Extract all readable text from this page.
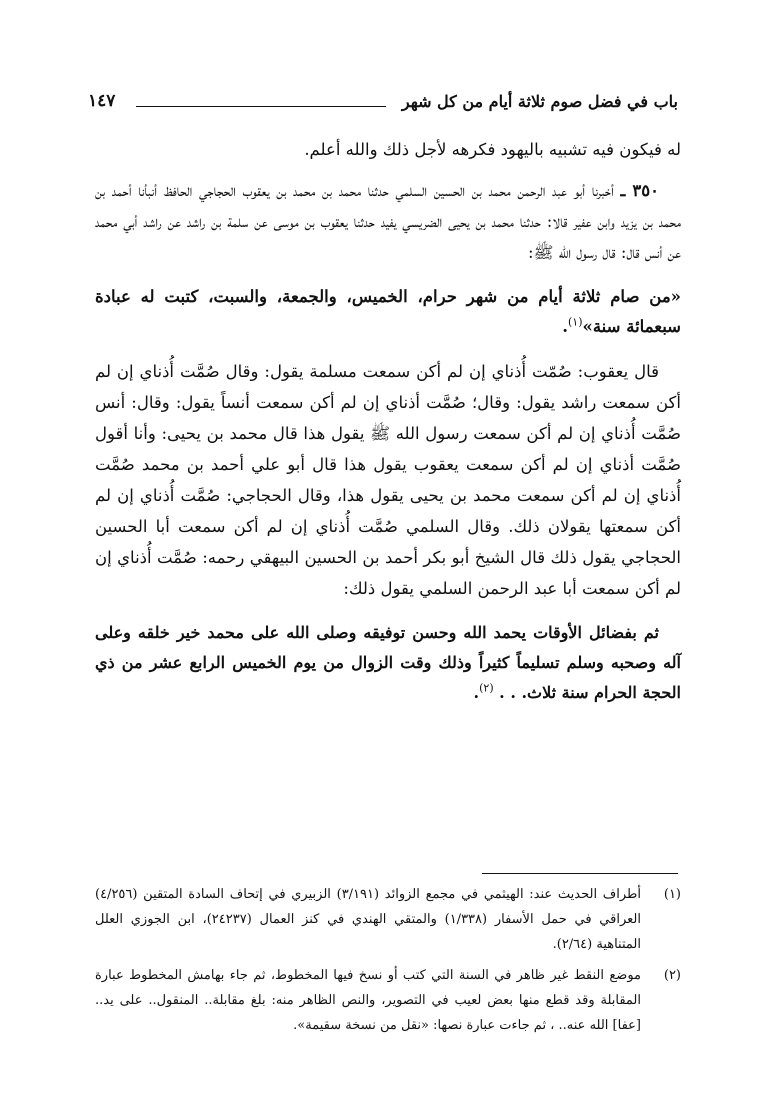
باب في فضل صوم ثلاثة أيام من كل شهر
١٤٧

له فيكون فيه تشبيه باليهود فكرهه لأجل ذلك والله أعلم.

٣٥٠ ـ أخبرنا أبو عبد الرحمن محمد بن الحسين السلمي حدثنا محمد بن محمد بن يعقوب الحجاجي الحافظ أنبأنا أحمد بن محمد بن يزيد وابن عفير قالا: حدثنا محمد بن يحيى الضريسي يفيد حدثنا يعقوب بن موسى عن سلمة بن راشد عن راشد أبي محمد عن أنس قال: قال رسول الله ﷺ:

«من صام ثلاثة أيام من شهر حرام، الخميس، والجمعة، والسبت، كتبت له عبادة سبعمائة سنة»$^{(١)}$.

قال يعقوب: صُمّت أُذناي إن لم أكن سمعت مسلمة يقول: وقال صُمَّت أُذناي إن لم أكن سمعت راشد يقول: وقال؛ صُمَّت أذناي إن لم أكن سمعت أنساً يقول: وقال: أنس صُمَّت أُذناي إن لم أكن سمعت رسول الله ﷺ يقول هذا قال محمد بن يحيى: وأنا أقول صُمَّت أذناي إن لم أكن سمعت يعقوب يقول هذا قال أبو علي أحمد بن محمد صُمَّت أُذناي إن لم أكن سمعت محمد بن يحيى يقول هذا، وقال الحجاجي: صُمَّت أُذناي إن لم أكن سمعتها يقولان ذلك. وقال السلمي صُمَّت أُذناي إن لم أكن سمعت أبا الحسين الحجاجي يقول ذلك قال الشيخ أبو بكر أحمد بن الحسين البيهقي رحمه: صُمَّت أُذناي إن لم أكن سمعت أبا عبد الرحمن السلمي يقول ذلك:

ثم بفضائل الأوقات يحمد الله وحسن توفيقه وصلى الله على محمد خير خلقه وعلى آله وصحبه وسلم تسليماً كثيراً وذلك وقت الزوال من يوم الخميس الرابع عشر من ذي الحجة الحرام سنة ثلاث. . . $^{(٢)}$.

(١)
أطراف الحديث عند: الهيثمي في مجمع الزوائد (٣/١٩١) الزبيري في إتحاف السادة المتقين (٤/٢٥٦) العراقي في حمل الأسفار (١/٣٣٨) والمتقي الهندي في كنز العمال (٢٤٢٣٧)، ابن الجوزي العلل المتناهية (٢/٦٤).

(٢)
موضع النقط غير ظاهر في السنة التي كتب أو نسخ فيها المخطوط، ثم جاء بهامش المخطوط عبارة المقابلة وقد قطع منها بعض لعيب في التصوير، والنص الظاهر منه: بلغ مقابلة.. المنقول.. على يد.. [عفا] الله عنه.. ، ثم جاءت عبارة نصها: «نقل من نسخة سقيمة».
